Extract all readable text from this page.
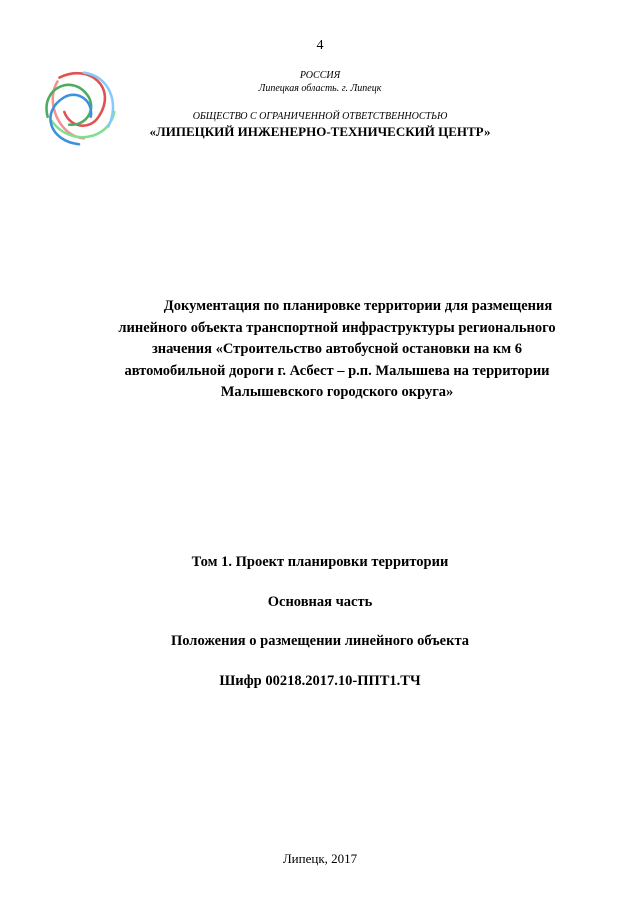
4
РОССИЯ
Липецкая область. г. Липецк
ОБЩЕСТВО С ОГРАНИЧЕННОЙ ОТВЕТСТВЕННОСТЬЮ
«ЛИПЕЦКИЙ ИНЖЕНЕРНО-ТЕХНИЧЕСКИЙ ЦЕНТР»
Документация по планировке территории для размещения
линейного объекта транспортной инфраструктуры регионального
значения «Строительство автобусной остановки на км 6
автомобильной дороги г. Асбест – р.п. Малышева на территории
Малышевского городского округа»
Том 1. Проект планировки территории
Основная часть
Положения о размещении линейного объекта
Шифр 00218.2017.10-ППТ1.ТЧ
Липецк, 2017
